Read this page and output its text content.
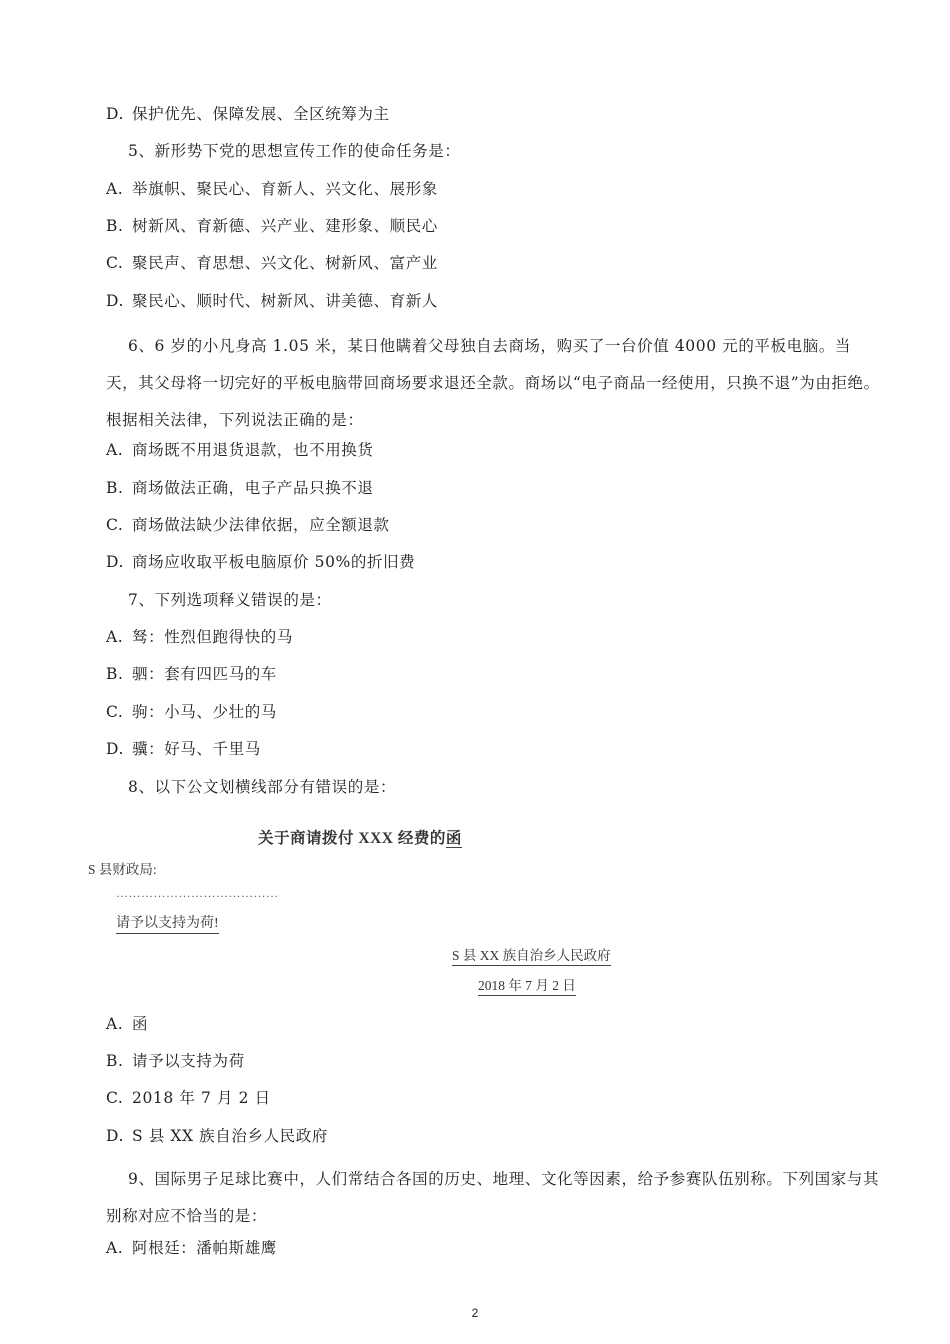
D. 保护优先、保障发展、全区统筹为主
5、新形势下党的思想宣传工作的使命任务是：
A. 举旗帜、聚民心、育新人、兴文化、展形象
B. 树新风、育新德、兴产业、建形象、顺民心
C. 聚民声、育思想、兴文化、树新风、富产业
D. 聚民心、顺时代、树新风、讲美德、育新人
6、6 岁的小凡身高 1.05 米，某日他瞒着父母独自去商场，购买了一台价值 4000 元的平板电脑。当天，其父母将一切完好的平板电脑带回商场要求退还全款。商场以“电子商品一经使用，只换不退”为由拒绝。根据相关法律，下列说法正确的是：
A. 商场既不用退货退款，也不用换货
B. 商场做法正确，电子产品只换不退
C. 商场做法缺少法律依据，应全额退款
D. 商场应收取平板电脑原价 50%的折旧费
7、下列选项释义错误的是：
A. 驽：性烈但跑得快的马
B. 驷：套有四匹马的车
C. 驹：小马、少壮的马
D. 骥：好马、千里马
8、以下公文划横线部分有错误的是：
关于商请拨付 XXX 经费的函
S 县财政局:
…………………………………
请予以支持为荷!
S 县 XX 族自治乡人民政府
2018 年 7 月 2 日
A. 函
B. 请予以支持为荷
C. 2018 年 7 月 2 日
D. S 县 XX 族自治乡人民政府
9、国际男子足球比赛中，人们常结合各国的历史、地理、文化等因素，给予参赛队伍别称。下列国家与其别称对应不恰当的是：
A. 阿根廷：潘帕斯雄鹰
2
